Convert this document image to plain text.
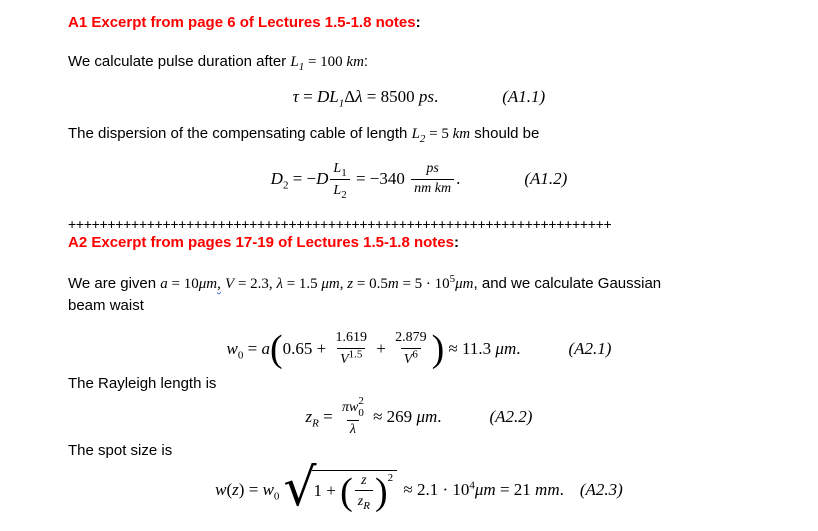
A1 Excerpt from page 6 of Lectures 1.5-1.8 notes:

We calculate pulse duration after $L_1 = 100$ km:

$\tau = DL_1\Delta\lambda = 8500$ ps.	(A1.1)

The dispersion of the compensating cable of length $L_2 = 5$ km should be

$D_2 = -D \frac{L_1}{L_2} = -340 \frac{ps}{\text{nm km}}$ .	(A1.2)
+++++++++++++++++++++++++++++++++++++++++++++++++++++++++++++++++++++

A2 Excerpt from pages 17-19 of Lectures 1.5-1.8 notes:

We are given a = 10μm, V = 2.3, λ = 1.5 μm, $z = 0.5m = 5 \cdot 10^5\mu m$, and we calculate Gaussian
beam waist

$w_0 = a$ ( $0.65 + \frac{1.619}{V^{1.5}} + \frac{2.879}{V^6}$ ) ≈ 11.3 μm.	(A2.1)

The Rayleigh length is

$z_R = \pi w$ 2
0
λ ≈ 269 μm.	(A2.2)

The spot size is

$w(z) = w_0$ √
1 + ( $\frac{z}{z_R}$ ) 2
≈ $2.1 \cdot 10^4\mu m = 21$ mm. (A2.3)
